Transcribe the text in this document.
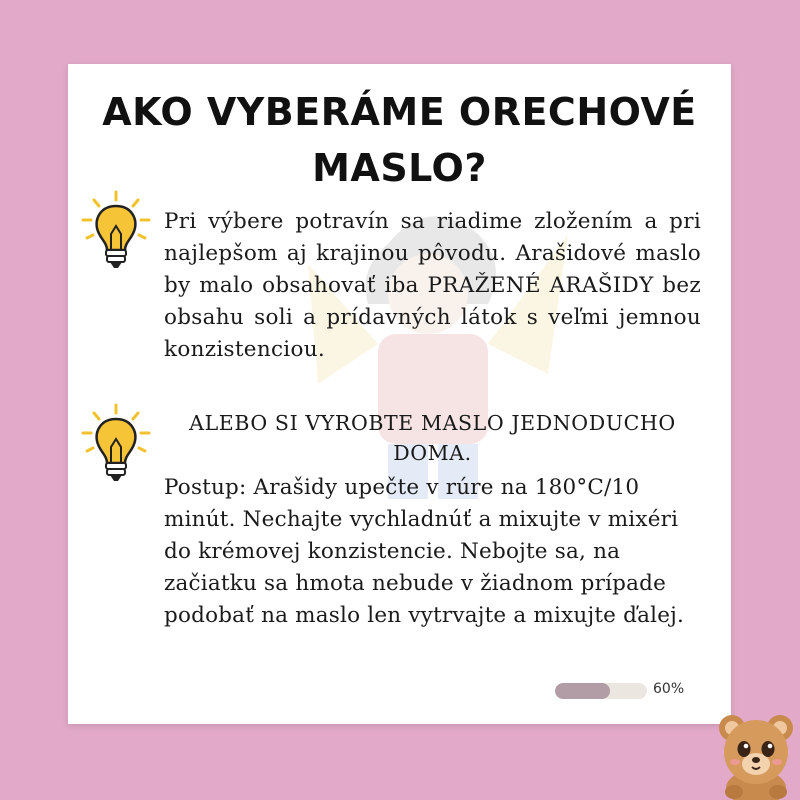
AKO VYBERÁME ORECHOVÉ MASLO?

Pri výbere potravín sa riadime zložením a pri najlepšom aj krajinou pôvodu. Arašidové maslo by malo obsahovať iba PRAŽENÉ ARAŠIDY bez obsahu soli a prídavných látok s veľmi jemnou konzistenciou.

ALEBO SI VYROBTE MASLO JEDNODUCHO DOMA.

Postup: Arašidy upečte v rúre na 180°C/10 minút. Nechajte vychladnúť a mixujte v mixéri do krémovej konzistencie. Nebojte sa, na začiatku sa hmota nebude v žiadnom prípade podobať na maslo len vytrvajte a mixujte ďalej.

60%
